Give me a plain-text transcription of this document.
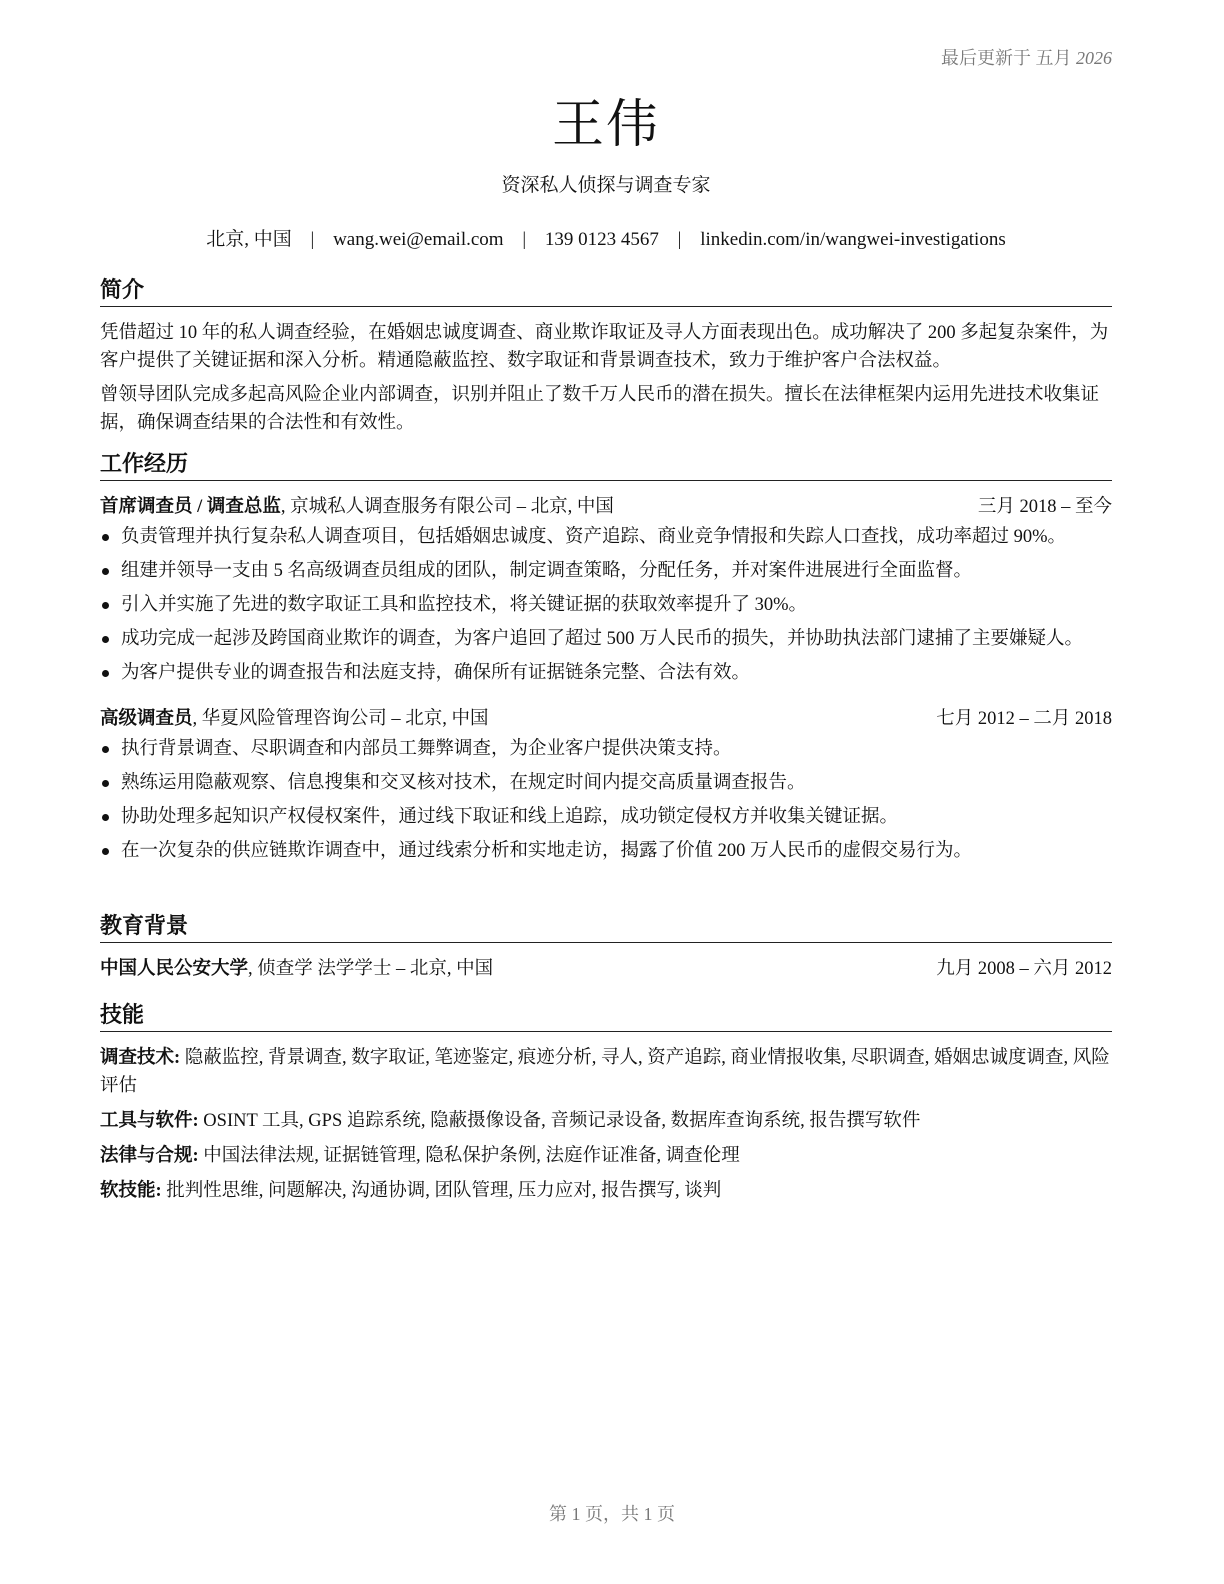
最后更新于 五月 2026
王伟
资深私人侦探与调查专家
北京, 中国 | wang.wei@email.com | 139 0123 4567 | linkedin.com/in/wangwei-investigations
简介

凭借超过 10 年的私人调查经验，在婚姻忠诚度调查、商业欺诈取证及寻人方面表现出色。成功解决了 200 多起复杂案件，为客户提供了关键证据和深入分析。精通隐蔽监控、数字取证和背景调查技术，致力于维护客户合法权益。

曾领导团队完成多起高风险企业内部调查，识别并阻止了数千万人民币的潜在损失。擅长在法律框架内运用先进技术收集证据，确保调查结果的合法性和有效性。

工作经历
首席调查员 / 调查总监, 京城私人调查服务有限公司 – 北京, 中国	三月 2018 – 至今
负责管理并执行复杂私人调查项目，包括婚姻忠诚度、资产追踪、商业竞争情报和失踪人口查找，成功率超过 90%。
组建并领导一支由 5 名高级调查员组成的团队，制定调查策略，分配任务，并对案件进展进行全面监督。
引入并实施了先进的数字取证工具和监控技术，将关键证据的获取效率提升了 30%。
成功完成一起涉及跨国商业欺诈的调查，为客户追回了超过 500 万人民币的损失，并协助执法部门逮捕了主要嫌疑人。
为客户提供专业的调查报告和法庭支持，确保所有证据链条完整、合法有效。
高级调查员, 华夏风险管理咨询公司 – 北京, 中国	七月 2012 – 二月 2018
执行背景调查、尽职调查和内部员工舞弊调查，为企业客户提供决策支持。
熟练运用隐蔽观察、信息搜集和交叉核对技术，在规定时间内提交高质量调查报告。
协助处理多起知识产权侵权案件，通过线下取证和线上追踪，成功锁定侵权方并收集关键证据。
在一次复杂的供应链欺诈调查中，通过线索分析和实地走访，揭露了价值 200 万人民币的虚假交易行为。
教育背景
中国人民公安大学, 侦查学 法学学士 – 北京, 中国	九月 2008 – 六月 2012
技能
调查技术: 隐蔽监控, 背景调查, 数字取证, 笔迹鉴定, 痕迹分析, 寻人, 资产追踪, 商业情报收集, 尽职调查, 婚姻忠诚度调查, 风险评估
工具与软件: OSINT 工具, GPS 追踪系统, 隐蔽摄像设备, 音频记录设备, 数据库查询系统, 报告撰写软件
法律与合规: 中国法律法规, 证据链管理, 隐私保护条例, 法庭作证准备, 调查伦理
软技能: 批判性思维, 问题解决, 沟通协调, 团队管理, 压力应对, 报告撰写, 谈判
第 1 页，共 1 页
